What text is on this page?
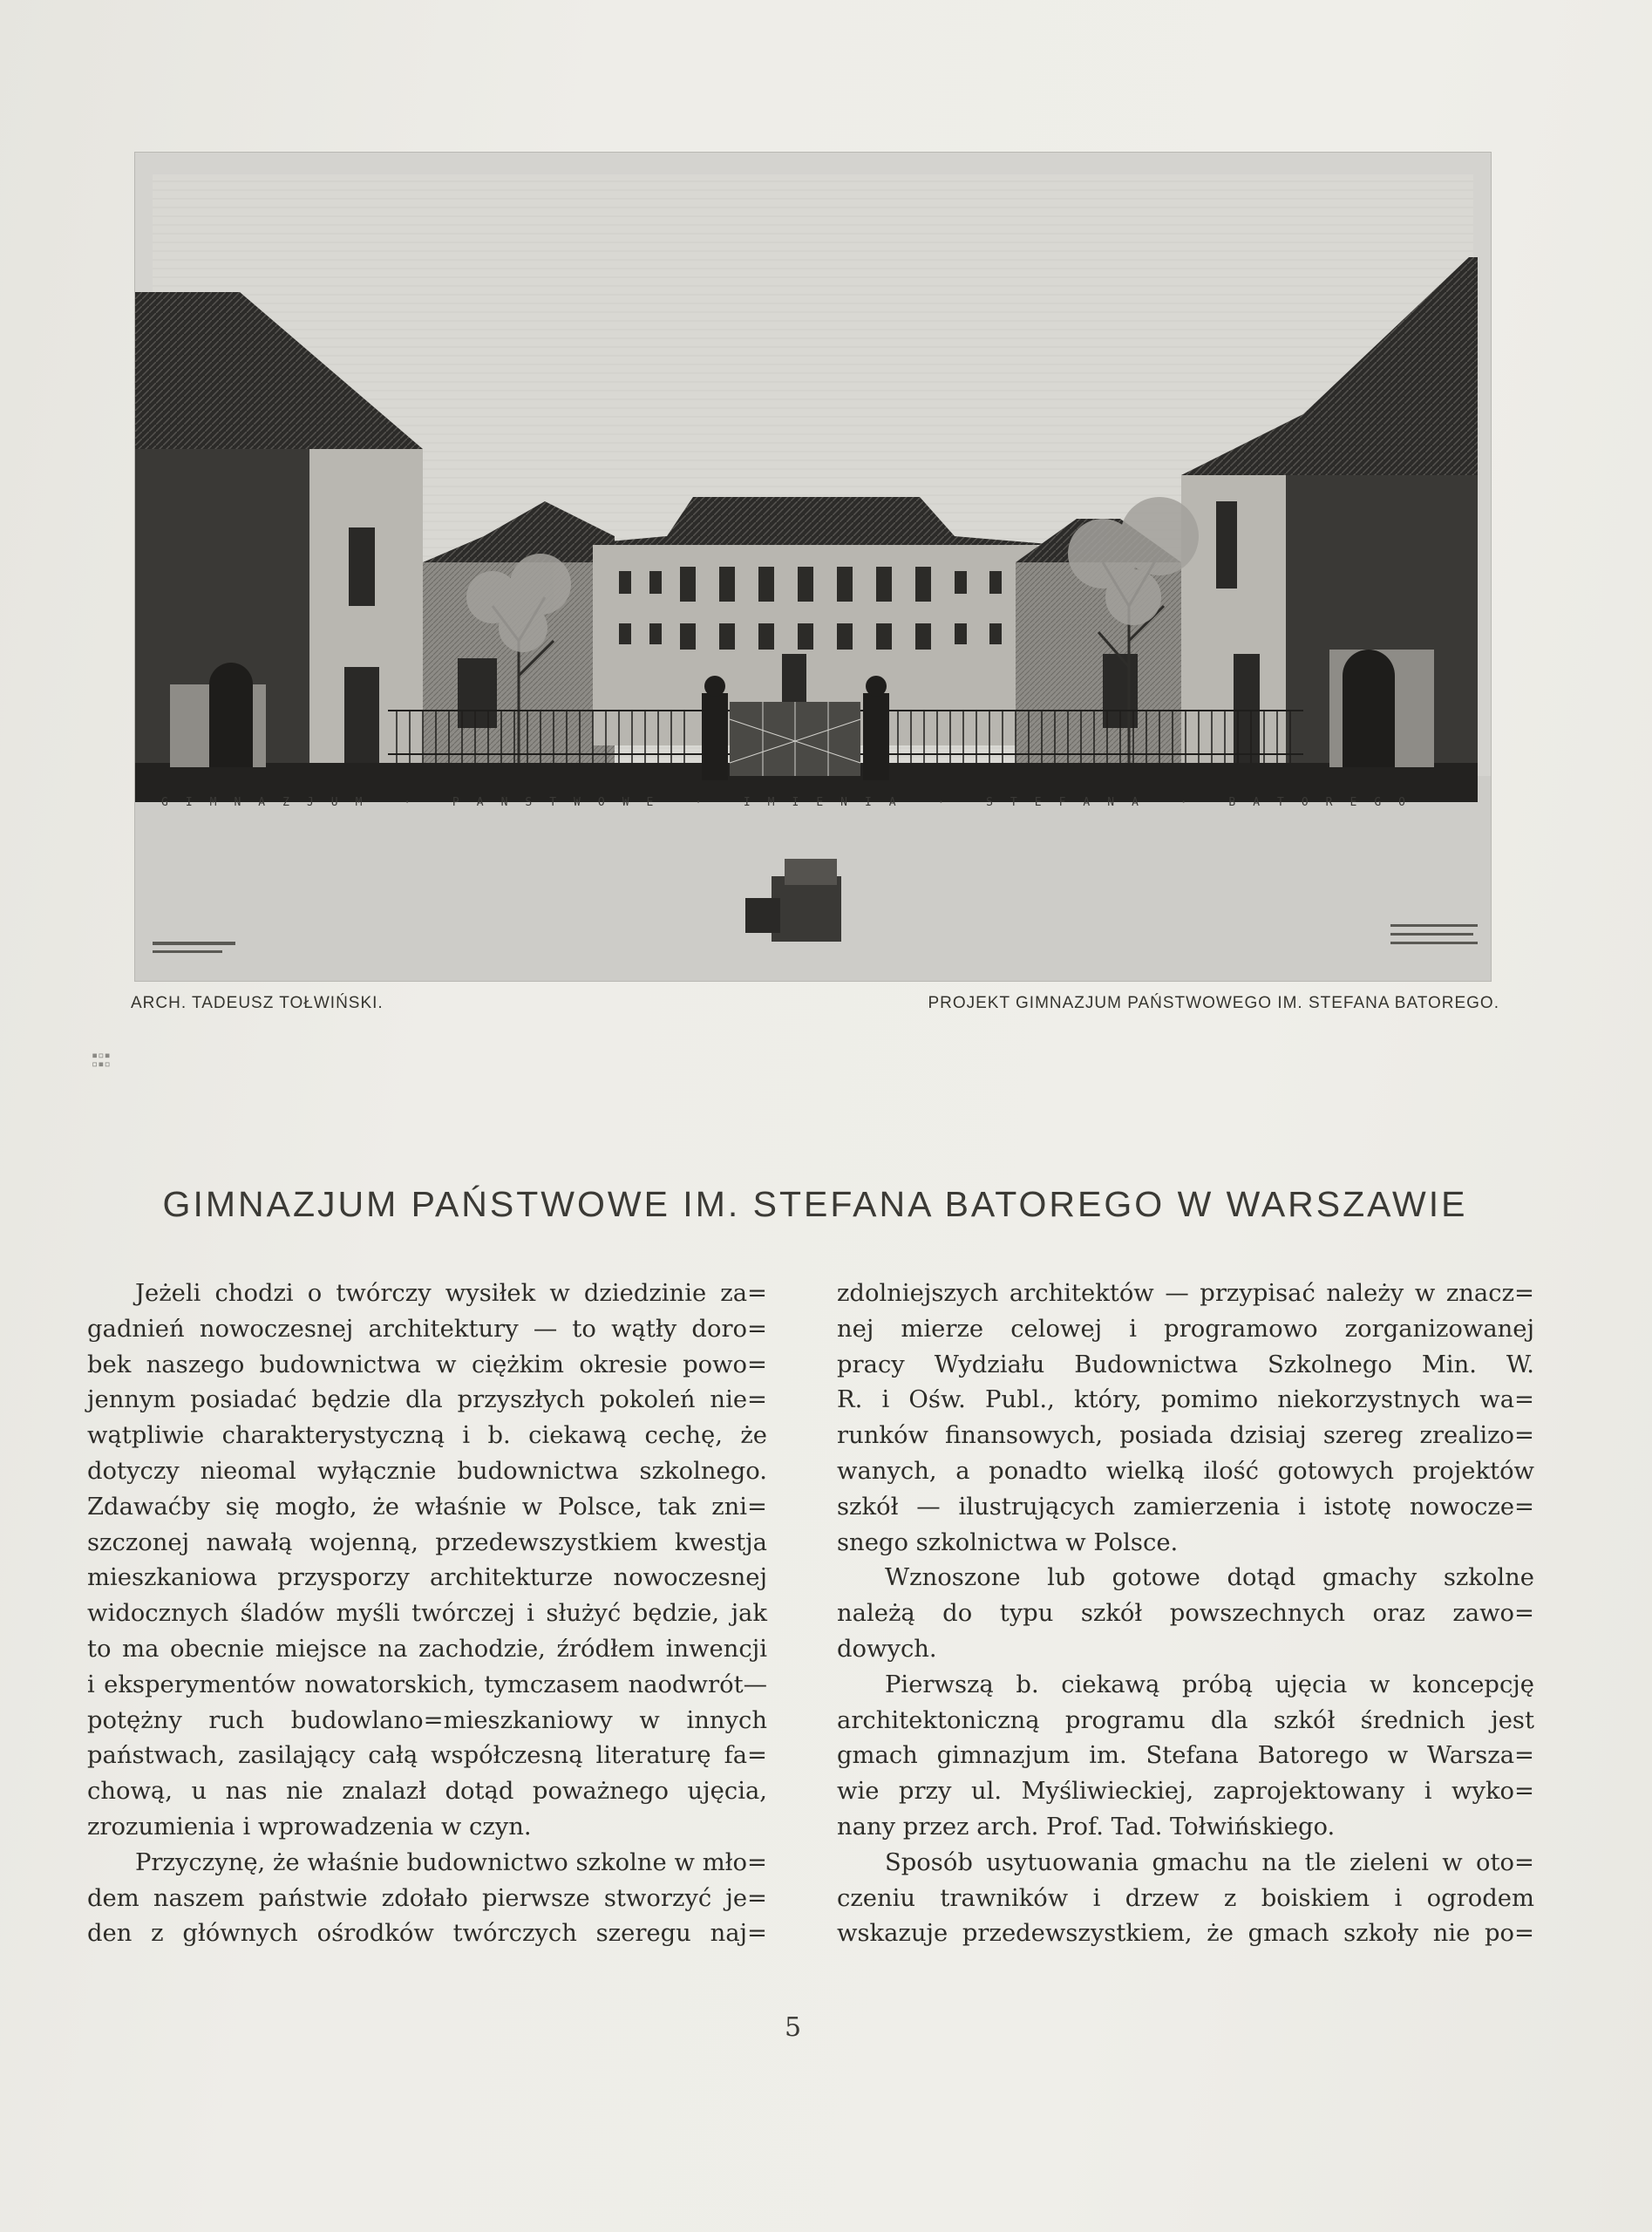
GIMNAZJUM · PAŃSTWOWE · IMIENIA · STEFANA · BATOREGO
ARCH. TADEUSZ TOŁWIŃSKI.	PROJEKT GIMNAZJUM PAŃSTWOWEGO IM. STEFANA BATOREGO.
▪▫▪
▫▪▫
GIMNAZJUM PAŃSTWOWE IM. STEFANA BATOREGO W WARSZAWIE

Jeżeli chodzi o twórczy wysiłek w dziedzinie za=
gadnień nowoczesnej architektury — to wątły doro=
bek naszego budownictwa w ciężkim okresie powo=
jennym posiadać będzie dla przyszłych pokoleń nie=
wątpliwie charakterystyczną i b. ciekawą cechę, że
dotyczy nieomal wyłącznie budownictwa szkolnego.
Zdawaćby się mogło, że właśnie w Polsce, tak zni=
szczonej nawałą wojenną, przedewszystkiem kwestja
mieszkaniowa przysporzy architekturze nowoczesnej
widocznych śladów myśli twórczej i służyć będzie, jak
to ma obecnie miejsce na zachodzie, źródłem inwencji
i eksperymentów nowatorskich, tymczasem naodwrót—
potężny ruch budowlano=mieszkaniowy w innych
państwach, zasilający całą współczesną literaturę fa=
chową, u nas nie znalazł dotąd poważnego ujęcia,
zrozumienia i wprowadzenia w czyn.

Przyczynę, że właśnie budownictwo szkolne w mło=
dem naszem państwie zdołało pierwsze stworzyć je=
den z głównych ośrodków twórczych szeregu naj=

zdolniejszych architektów — przypisać należy w znacz=
nej mierze celowej i programowo zorganizowanej
pracy Wydziału Budownictwa Szkolnego Min. W.
R. i Ośw. Publ., który, pomimo niekorzystnych wa=
runków finansowych, posiada dzisiaj szereg zrealizo=
wanych, a ponadto wielką ilość gotowych projektów
szkół — ilustrujących zamierzenia i istotę nowocze=
snego szkolnictwa w Polsce.

Wznoszone lub gotowe dotąd gmachy szkolne
należą do typu szkół powszechnych oraz zawo=
dowych.

Pierwszą b. ciekawą próbą ujęcia w koncepcję
architektoniczną programu dla szkół średnich jest
gmach gimnazjum im. Stefana Batorego w Warsza=
wie przy ul. Myśliwieckiej, zaprojektowany i wyko=
nany przez arch. Prof. Tad. Tołwińskiego.

Sposób usytuowania gmachu na tle zieleni w oto=
czeniu trawników i drzew z boiskiem i ogrodem
wskazuje przedewszystkiem, że gmach szkoły nie po=

5
